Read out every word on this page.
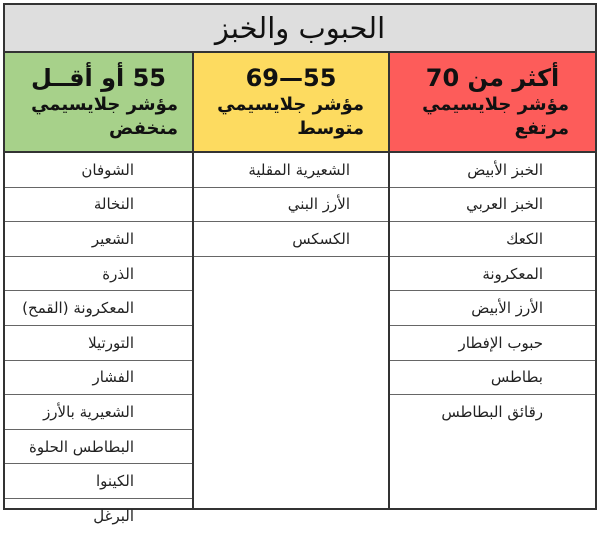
الحبوب والخبز
أكثر من 70
مؤشر جلايسيمي
مرتفع
الخبز الأبيض
الخبز العربي
الكعك
المعكرونة
الأرز الأبيض
حبوب الإفطار
بطاطس
رقائق البطاطس
55—69
مؤشر جلايسيمي
متوسط
الشعيرية المقلية
الأرز البني
الكسكس
55 أو أقــل
مؤشر جلايسيمي
منخفض
الشوفان
النخالة
الشعير
الذرة
المعكرونة (القمح)
التورتيلا
الفشار
الشعيرية بالأرز
البطاطس الحلوة
الكينوا
البرغل
